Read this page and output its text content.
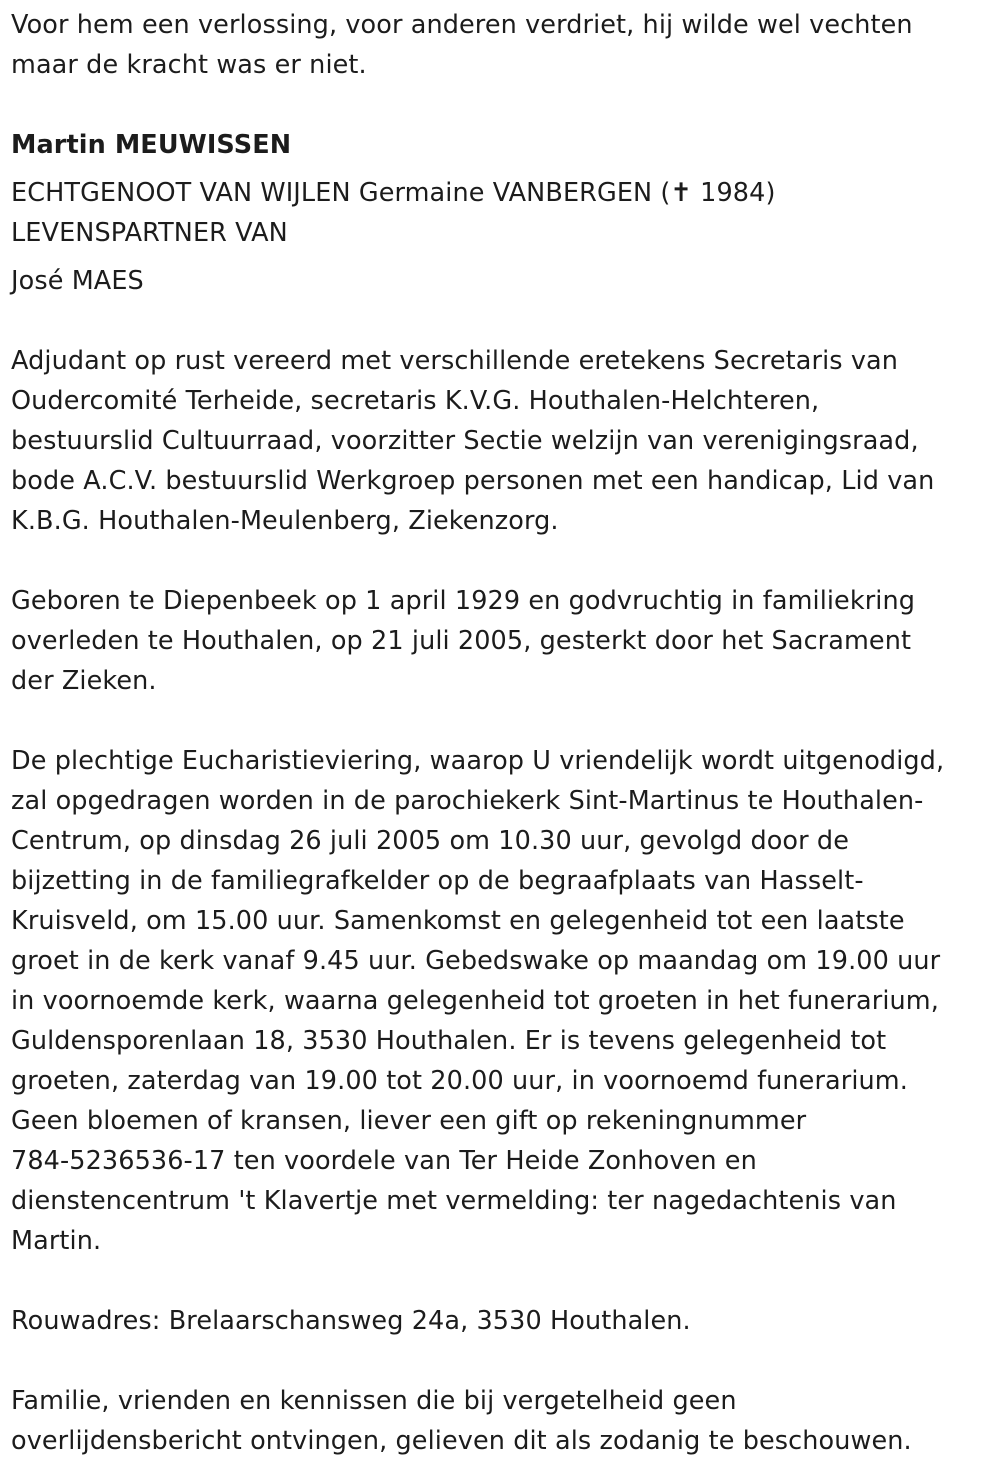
Voor hem een verlossing, voor anderen verdriet, hij wilde wel vechten
maar de kracht was er niet.

Martin MEUWISSEN

ECHTGENOOT VAN WIJLEN Germaine VANBERGEN (✝ 1984)

LEVENSPARTNER VAN

José MAES

Adjudant op rust vereerd met verschillende eretekens Secretaris van
Oudercomité Terheide, secretaris K.V.G. Houthalen-Helchteren,
bestuurslid Cultuurraad, voorzitter Sectie welzijn van verenigingsraad,
bode A.C.V. bestuurslid Werkgroep personen met een handicap, Lid van
K.B.G. Houthalen-Meulenberg, Ziekenzorg.

Geboren te Diepenbeek op 1 april 1929 en godvruchtig in familiekring
overleden te Houthalen, op 21 juli 2005, gesterkt door het Sacrament
der Zieken.

De plechtige Eucharistieviering, waarop U vriendelijk wordt uitgenodigd,
zal opgedragen worden in de parochiekerk Sint-Martinus te Houthalen-
Centrum, op dinsdag 26 juli 2005 om 10.30 uur, gevolgd door de
bijzetting in de familiegrafkelder op de begraafplaats van Hasselt-
Kruisveld, om 15.00 uur. Samenkomst en gelegenheid tot een laatste
groet in de kerk vanaf 9.45 uur. Gebedswake op maandag om 19.00 uur
in voornoemde kerk, waarna gelegenheid tot groeten in het funerarium,
Guldensporenlaan 18, 3530 Houthalen. Er is tevens gelegenheid tot
groeten, zaterdag van 19.00 tot 20.00 uur, in voornoemd funerarium.
Geen bloemen of kransen, liever een gift op rekeningnummer
784-5236536-17 ten voordele van Ter Heide Zonhoven en
dienstencentrum 't Klavertje met vermelding: ter nagedachtenis van
Martin.

Rouwadres: Brelaarschansweg 24a, 3530 Houthalen.

Familie, vrienden en kennissen die bij vergetelheid geen
overlijdensbericht ontvingen, gelieven dit als zodanig te beschouwen.
